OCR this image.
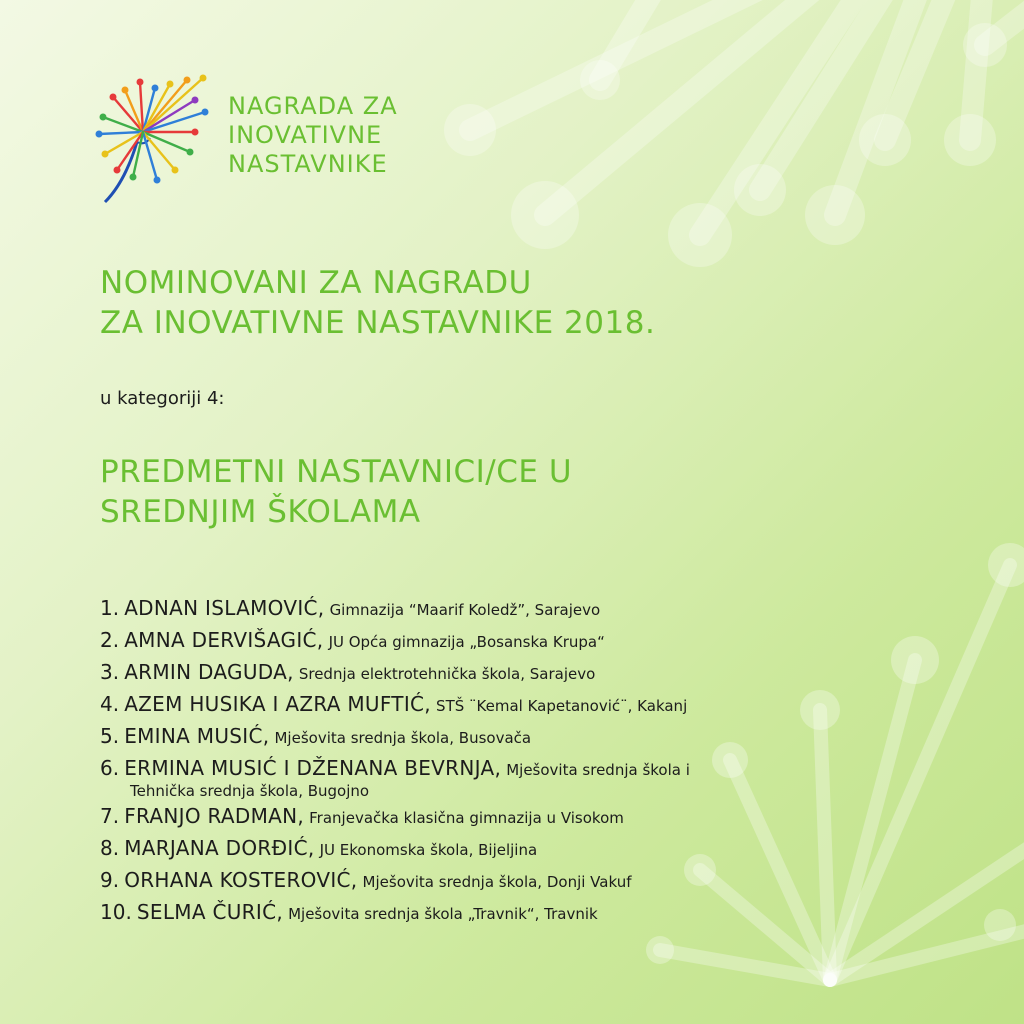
NAGRADA ZA
INOVATIVNE
NASTAVNIKE
NOMINOVANI ZA NAGRADU
ZA INOVATIVNE NASTAVNIKE 2018.
u kategoriji 4:
PREDMETNI NASTAVNICI/CE U
SREDNJIM ŠKOLAMA
1. ADNAN ISLAMOVIĆ, Gimnazija “Maarif Koledž”, Sarajevo
2. AMNA DERVIŠAGIĆ, JU Opća gimnazija „Bosanska Krupa“
3. ARMIN DAGUDA, Srednja elektrotehnička škola, Sarajevo
4. AZEM HUSIKA I AZRA MUFTIĆ, STŠ ¨Kemal Kapetanović¨, Kakanj
5. EMINA MUSIĆ, Mješovita srednja škola, Busovača
6. ERMINA MUSIĆ I DŽENANA BEVRNJA, Mješovita srednja škola i
Tehnička srednja škola, Bugojno
7. FRANJO RADMAN, Franjevačka klasična gimnazija u Visokom
8. MARJANA DORĐIĆ, JU Ekonomska škola, Bijeljina
9. ORHANA KOSTEROVIĆ, Mješovita srednja škola, Donji Vakuf
10. SELMA ČURIĆ, Mješovita srednja škola „Travnik“, Travnik
